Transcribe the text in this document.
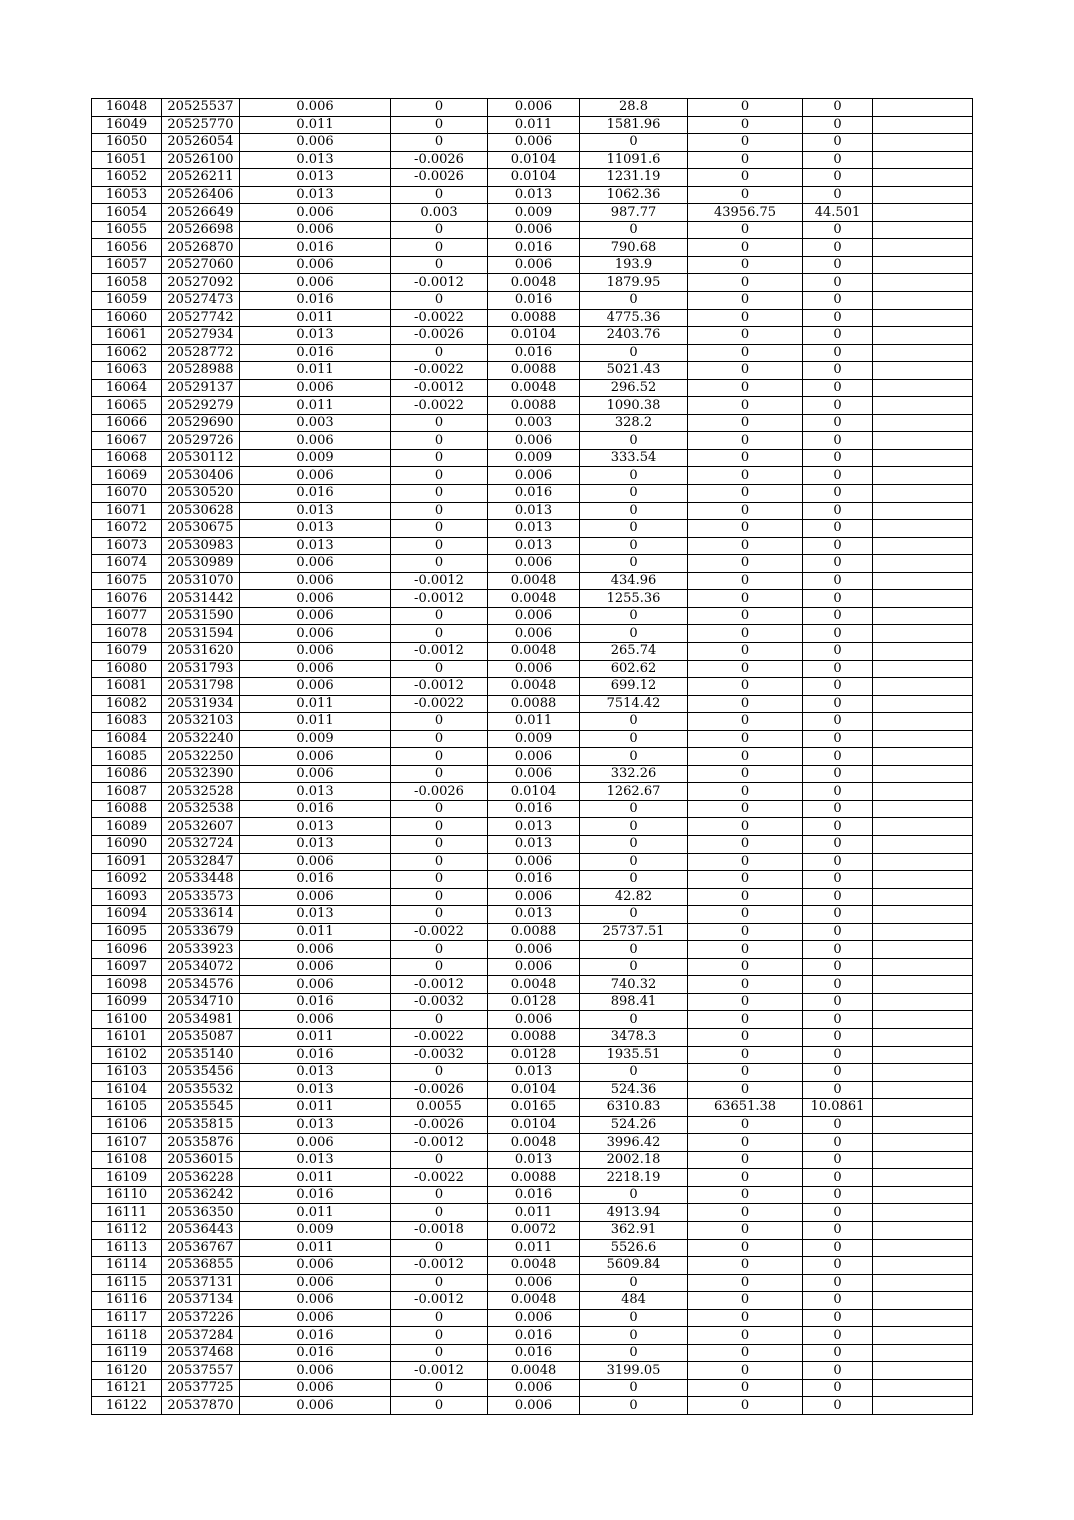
16048	20525537	0.006	0	0.006	28.8	0	0	
16049	20525770	0.011	0	0.011	1581.96	0	0	
16050	20526054	0.006	0	0.006	0	0	0	
16051	20526100	0.013	-0.0026	0.0104	11091.6	0	0	
16052	20526211	0.013	-0.0026	0.0104	1231.19	0	0	
16053	20526406	0.013	0	0.013	1062.36	0	0	
16054	20526649	0.006	0.003	0.009	987.77	43956.75	44.501	
16055	20526698	0.006	0	0.006	0	0	0	
16056	20526870	0.016	0	0.016	790.68	0	0	
16057	20527060	0.006	0	0.006	193.9	0	0	
16058	20527092	0.006	-0.0012	0.0048	1879.95	0	0	
16059	20527473	0.016	0	0.016	0	0	0	
16060	20527742	0.011	-0.0022	0.0088	4775.36	0	0	
16061	20527934	0.013	-0.0026	0.0104	2403.76	0	0	
16062	20528772	0.016	0	0.016	0	0	0	
16063	20528988	0.011	-0.0022	0.0088	5021.43	0	0	
16064	20529137	0.006	-0.0012	0.0048	296.52	0	0	
16065	20529279	0.011	-0.0022	0.0088	1090.38	0	0	
16066	20529690	0.003	0	0.003	328.2	0	0	
16067	20529726	0.006	0	0.006	0	0	0	
16068	20530112	0.009	0	0.009	333.54	0	0	
16069	20530406	0.006	0	0.006	0	0	0	
16070	20530520	0.016	0	0.016	0	0	0	
16071	20530628	0.013	0	0.013	0	0	0	
16072	20530675	0.013	0	0.013	0	0	0	
16073	20530983	0.013	0	0.013	0	0	0	
16074	20530989	0.006	0	0.006	0	0	0	
16075	20531070	0.006	-0.0012	0.0048	434.96	0	0	
16076	20531442	0.006	-0.0012	0.0048	1255.36	0	0	
16077	20531590	0.006	0	0.006	0	0	0	
16078	20531594	0.006	0	0.006	0	0	0	
16079	20531620	0.006	-0.0012	0.0048	265.74	0	0	
16080	20531793	0.006	0	0.006	602.62	0	0	
16081	20531798	0.006	-0.0012	0.0048	699.12	0	0	
16082	20531934	0.011	-0.0022	0.0088	7514.42	0	0	
16083	20532103	0.011	0	0.011	0	0	0	
16084	20532240	0.009	0	0.009	0	0	0	
16085	20532250	0.006	0	0.006	0	0	0	
16086	20532390	0.006	0	0.006	332.26	0	0	
16087	20532528	0.013	-0.0026	0.0104	1262.67	0	0	
16088	20532538	0.016	0	0.016	0	0	0	
16089	20532607	0.013	0	0.013	0	0	0	
16090	20532724	0.013	0	0.013	0	0	0	
16091	20532847	0.006	0	0.006	0	0	0	
16092	20533448	0.016	0	0.016	0	0	0	
16093	20533573	0.006	0	0.006	42.82	0	0	
16094	20533614	0.013	0	0.013	0	0	0	
16095	20533679	0.011	-0.0022	0.0088	25737.51	0	0	
16096	20533923	0.006	0	0.006	0	0	0	
16097	20534072	0.006	0	0.006	0	0	0	
16098	20534576	0.006	-0.0012	0.0048	740.32	0	0	
16099	20534710	0.016	-0.0032	0.0128	898.41	0	0	
16100	20534981	0.006	0	0.006	0	0	0	
16101	20535087	0.011	-0.0022	0.0088	3478.3	0	0	
16102	20535140	0.016	-0.0032	0.0128	1935.51	0	0	
16103	20535456	0.013	0	0.013	0	0	0	
16104	20535532	0.013	-0.0026	0.0104	524.36	0	0	
16105	20535545	0.011	0.0055	0.0165	6310.83	63651.38	10.0861	
16106	20535815	0.013	-0.0026	0.0104	524.26	0	0	
16107	20535876	0.006	-0.0012	0.0048	3996.42	0	0	
16108	20536015	0.013	0	0.013	2002.18	0	0	
16109	20536228	0.011	-0.0022	0.0088	2218.19	0	0	
16110	20536242	0.016	0	0.016	0	0	0	
16111	20536350	0.011	0	0.011	4913.94	0	0	
16112	20536443	0.009	-0.0018	0.0072	362.91	0	0	
16113	20536767	0.011	0	0.011	5526.6	0	0	
16114	20536855	0.006	-0.0012	0.0048	5609.84	0	0	
16115	20537131	0.006	0	0.006	0	0	0	
16116	20537134	0.006	-0.0012	0.0048	484	0	0	
16117	20537226	0.006	0	0.006	0	0	0	
16118	20537284	0.016	0	0.016	0	0	0	
16119	20537468	0.016	0	0.016	0	0	0	
16120	20537557	0.006	-0.0012	0.0048	3199.05	0	0	
16121	20537725	0.006	0	0.006	0	0	0	
16122	20537870	0.006	0	0.006	0	0	0	
